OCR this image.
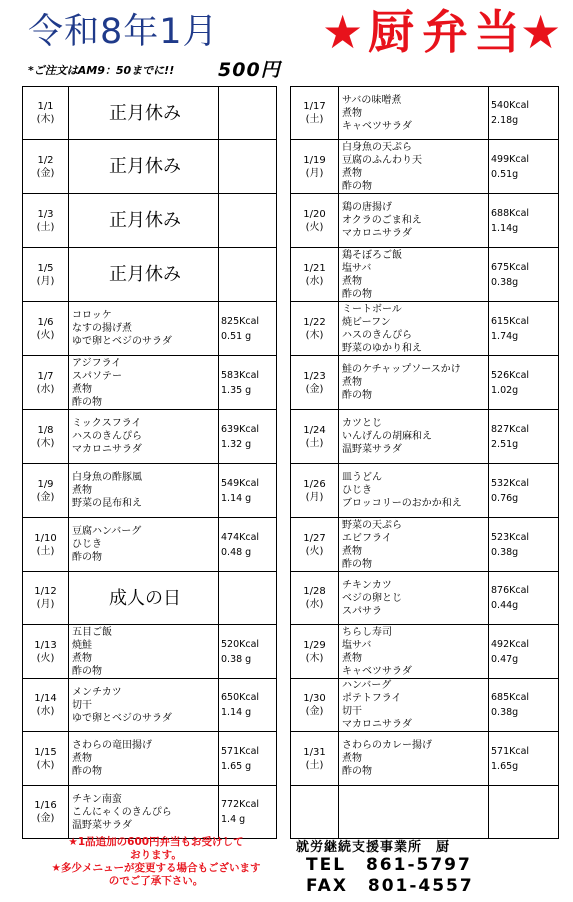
令和8年1月 ★ 厨 弁 当 ★
*ご注文はAM9：50までに!! 500円
1/1
(木)	正月休み	

1/2
(金)	正月休み	

1/3
(土)	正月休み	

1/5
(月)	正月休み	

1/6
(火)	コロッケ
なすの揚げ煮
ゆで卵とベジのサラダ	825Kcal
0.51 g

1/7
(水)	アジフライ
スパソテー
煮物
酢の物	583Kcal
1.35 g

1/8
(木)	ミックスフライ
ハスのきんぴら
マカロニサラダ	639Kcal
1.32 g

1/9
(金)	白身魚の酢豚風
煮物
野菜の昆布和え	549Kcal
1.14 g

1/10
(土)	豆腐ハンバーグ
ひじき
酢の物	474Kcal
0.48 g

1/12
(月)	成人の日	

1/13
(火)	五目ご飯
焼鮭
煮物
酢の物	520Kcal
0.38 g

1/14
(水)	メンチカツ
切干
ゆで卵とベジのサラダ	650Kcal
1.14 g

1/15
(木)	さわらの竜田揚げ
煮物
酢の物	571Kcal
1.65 g

1/16
(金)	チキン南蛮
こんにゃくのきんぴら
温野菜サラダ	772Kcal
1.4 g
1/17
(土)	サバの味噌煮
煮物
キャベツサラダ	540Kcal
2.18g

1/19
(月)	白身魚の天ぷら
豆腐のふんわり天
煮物
酢の物	499Kcal
0.51g

1/20
(火)	鶏の唐揚げ
オクラのごま和え
マカロニサラダ	688Kcal
1.14g

1/21
(水)	鶏そぼろご飯
塩サバ
煮物
酢の物	675Kcal
0.38g

1/22
(木)	ミートボール
焼ビーフン
ハスのきんぴら
野菜のゆかり和え	615Kcal
1.74g

1/23
(金)	鮭のケチャップソースかけ
煮物
酢の物	526Kcal
1.02g

1/24
(土)	カツとじ
いんげんの胡麻和え
温野菜サラダ	827Kcal
2.51g

1/26
(月)	皿うどん
ひじき
ブロッコリーのおかか和え	532Kcal
0.76g

1/27
(火)	野菜の天ぷら
エビフライ
煮物
酢の物	523Kcal
0.38g

1/28
(水)	チキンカツ
ベジの卵とじ
スパサラ	876Kcal
0.44g

1/29
(木)	ちらし寿司
塩サバ
煮物
キャベツサラダ	492Kcal
0.47g

1/30
(金)	ハンバーグ
ポテトフライ
切干
マカロニサラダ	685Kcal
0.38g

1/31
(土)	さわらのカレー揚げ
煮物
酢の物	571Kcal
1.65g

★1品追加の600円弁当もお受けして
おります。
★多少メニューが変更する場合もございます
のでご了承下さい。
就労継続支援事業所　厨
TEL 861-5797
FAX 801-4557
